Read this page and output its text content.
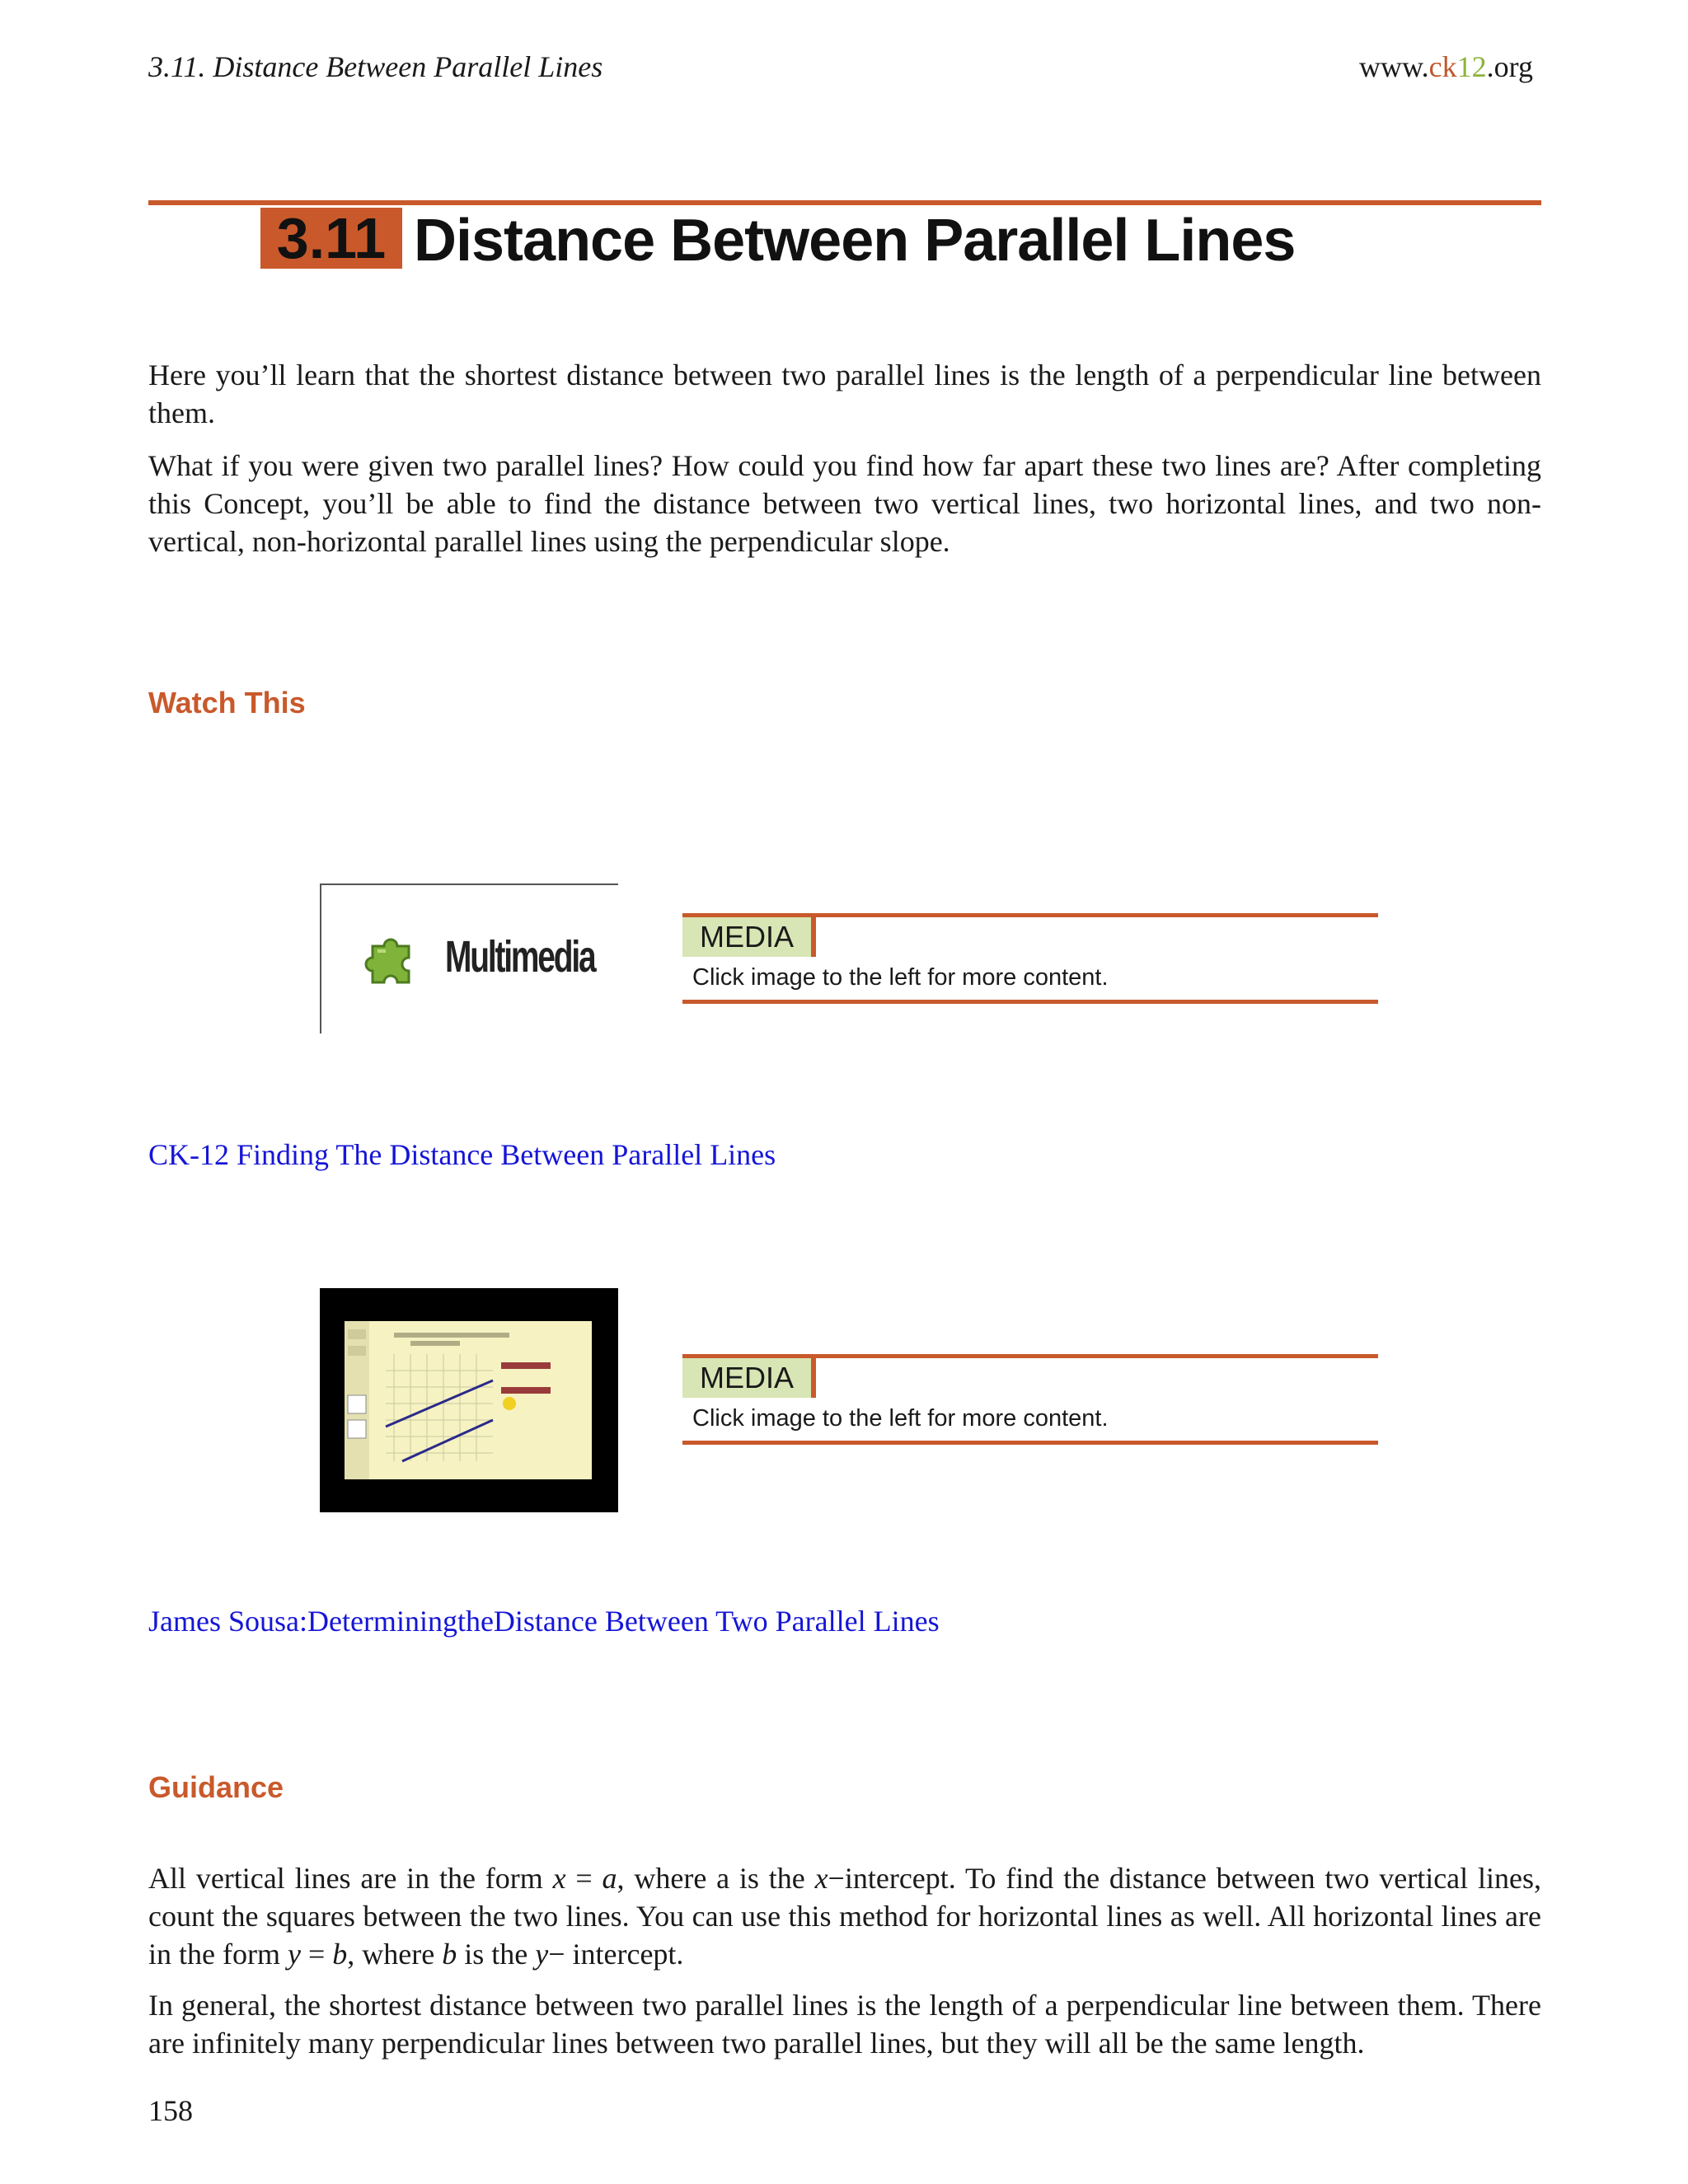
3.11. Distance Between Parallel Lines	www.ck12.org
3.11 Distance Between Parallel Lines
Here you’ll learn that the shortest distance between two parallel lines is the length of a perpendicular line between them.
What if you were given two parallel lines? How could you find how far apart these two lines are? After completing this Concept, you’ll be able to find the distance between two vertical lines, two horizontal lines, and two non-vertical, non-horizontal parallel lines using the perpendicular slope.
Watch This
Multimedia	MEDIA
Click image to the left for more content.
CK-12 Finding The Distance Between Parallel Lines
MEDIA
Click image to the left for more content.
James Sousa:DeterminingtheDistance Between Two Parallel Lines
Guidance
All vertical lines are in the form x = a, where a is the x−intercept. To find the distance between two vertical lines, count the squares between the two lines. You can use this method for horizontal lines as well. All horizontal lines are in the form y = b, where b is the y− intercept.
In general, the shortest distance between two parallel lines is the length of a perpendicular line between them. There are infinitely many perpendicular lines between two parallel lines, but they will all be the same length.
158
